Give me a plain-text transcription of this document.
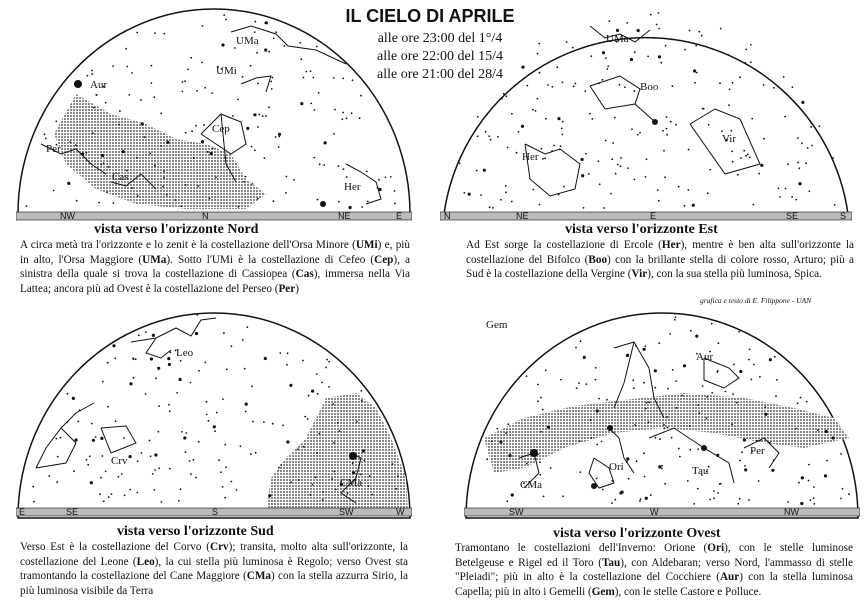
UMa
UMi
Aur
Cep
Per
Cas
Her
NW	N	NE	E
UMa
Boo
Her
Vir
N	NE	E	SE	S
Leo
Crv
CMa
E	SE	S	SW	W
Gem
Aur
Ori	Tau
Per
CMa
SW	W	NW
IL CIELO DI APRILE
alle ore 23:00 del 1°/4
alle ore 22:00 del 15/4
alle ore 21:00 del 28/4
vista verso l'orizzonte Nord

A circa metà tra l'orizzonte e lo zenit è la costellazione dell'Orsa Minore (UMi) e, più in alto, l'Orsa Maggiore (UMa). Sotto l'UMi è la costellazione di Cefeo (Cep), a sinistra della quale si trova la costellazione di Cassiopea (Cas), immersa nella Via Lattea; ancora più ad Ovest è la costellazione del Perseo (Per)

vista verso l'orizzonte Est

Ad Est sorge la costellazione di Ercole (Her), mentre è ben alta sull'orizzonte la costellazione del Bifolco (Boo) con la brillante stella di colore rosso, Arturo; più a Sud è la costellazione della Vergine (Vir), con la sua stella più luminosa, Spica.

grafica e testo di E. Filippone - UAN
vista verso l'orizzonte Sud

Verso Est è la costellazione del Corvo (Crv); transita, molto alta sull'orizzonte, la costellazione del Leone (Leo), la cui stella più luminosa è Regolo; verso Ovest sta tramontando la costellazione del Cane Maggiore (CMa) con la stella azzurra Sirio, la più luminosa visibile da Terra

vista verso l'orizzonte Ovest

Tramontano le costellazioni dell'Inverno: Orione (Ori), con le stelle luminose Betelgeuse e Rigel ed il Toro (Tau), con Aldebaran; verso Nord, l'ammasso di stelle "Pleiadi"; più in alto è la costellazione del Cocchiere (Aur) con la stella luminosa Capella; più in alto i Gemelli (Gem), con le stelle Castore e Polluce.
